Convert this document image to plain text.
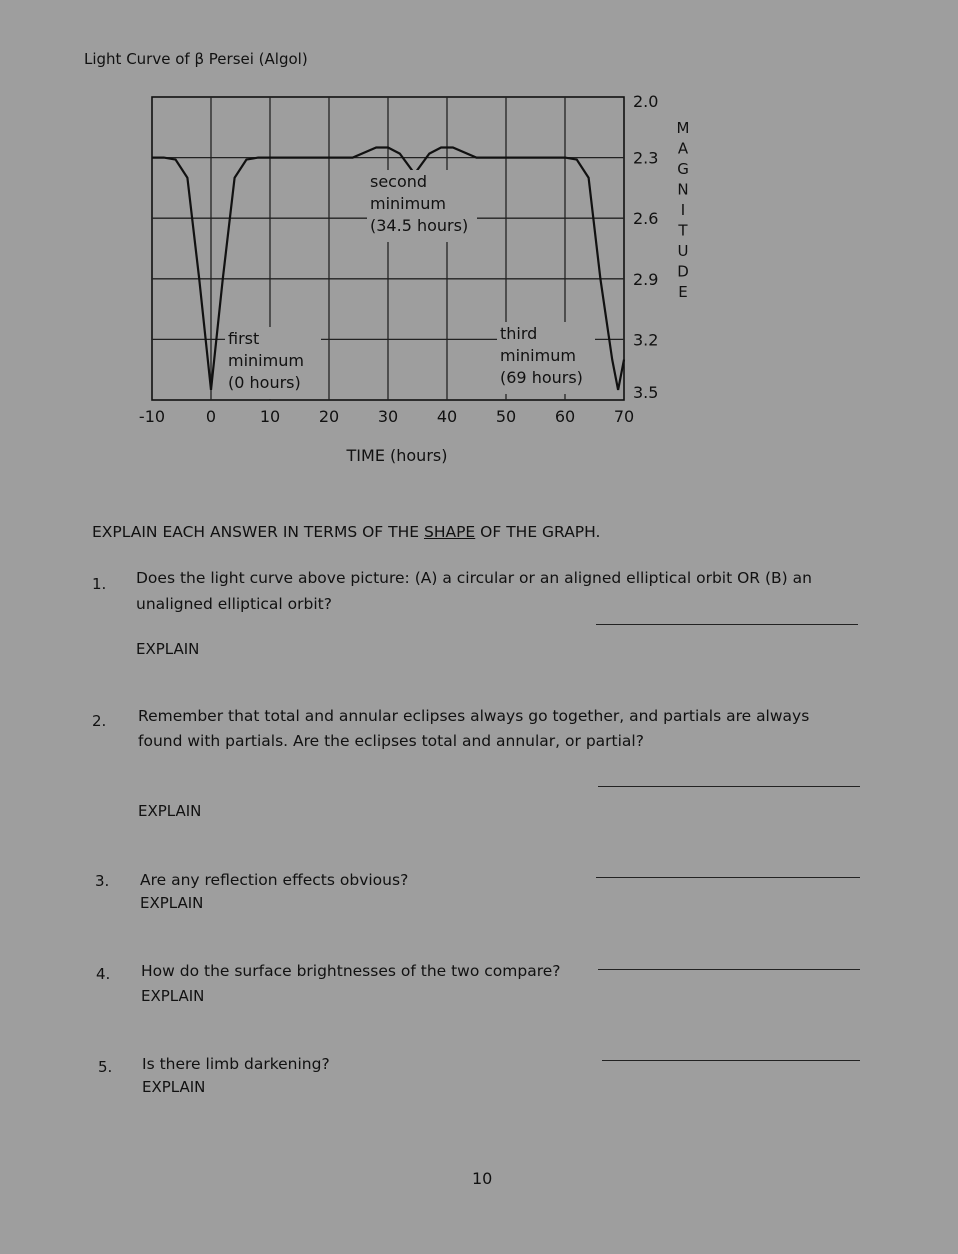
Light Curve of β Persei (Algol)
second
minimum
(34.5 hours)
first
minimum
(0 hours)
third
minimum
(69 hours)
-10	0	10 20 30 40 50 60 70
2.0
2.3
2.6
2.9
3.2
3.5
TIME (hours)
M
A
G
N
I
T
U
D
E
EXPLAIN EACH ANSWER IN TERMS OF THE SHAPE OF THE GRAPH.
1. Does the light curve above picture: (A) a circular or an aligned elliptical orbit OR (B) an
unaligned elliptical orbit?
EXPLAIN
2. Remember that total and annular eclipses always go together, and partials are always
found with partials. Are the eclipses total and annular, or partial?
EXPLAIN
3. Are any reflection effects obvious?
EXPLAIN
4. How do the surface brightnesses of the two compare?
EXPLAIN
5. Is there limb darkening?
EXPLAIN
10
